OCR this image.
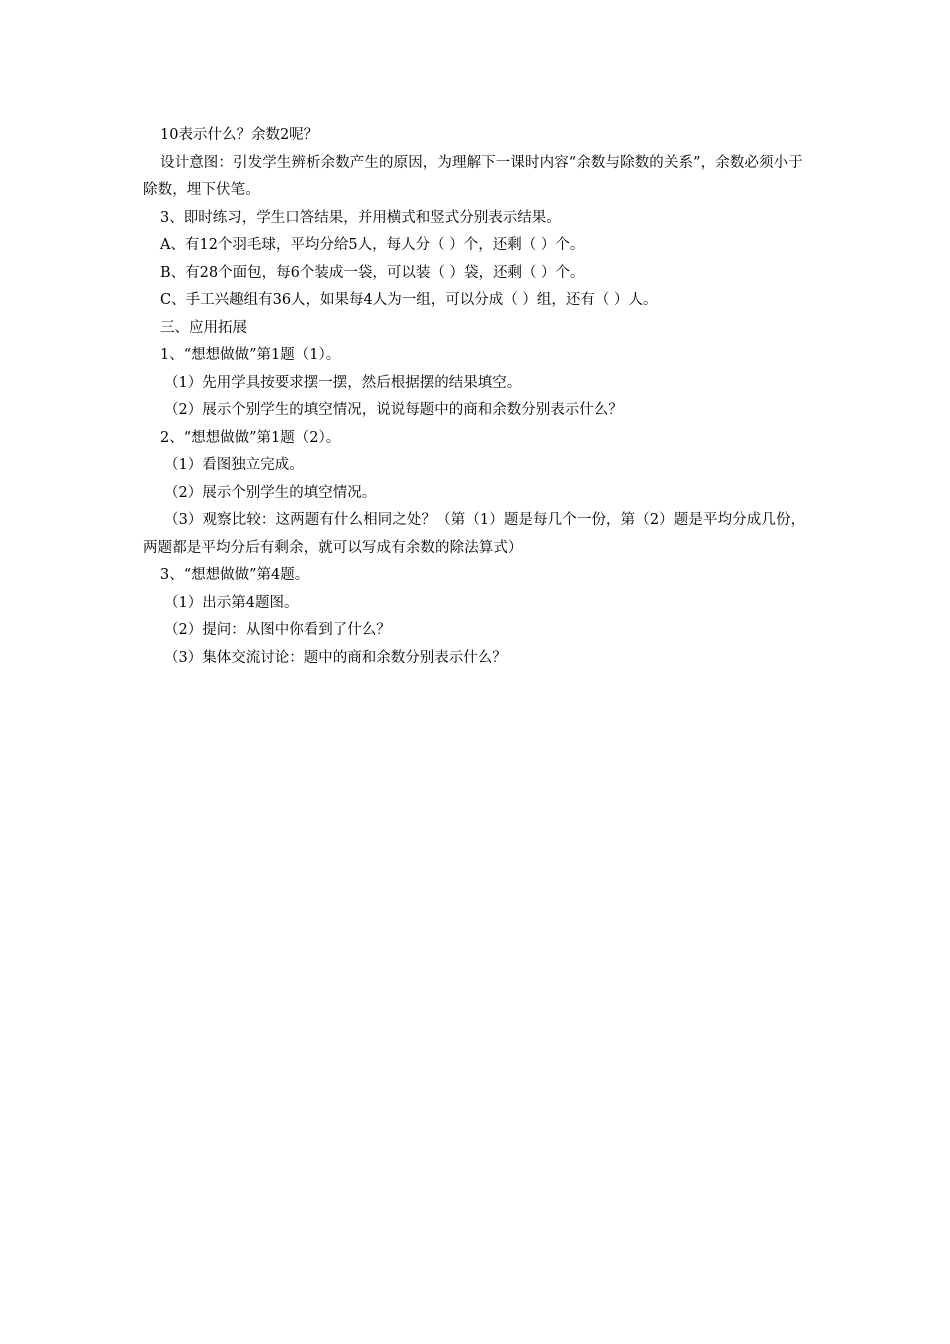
10表示什么？余数2呢？

设计意图：引发学生辨析余数产生的原因，为理解下一课时内容“余数与除数的关系”，余数必须小于除数，埋下伏笔。

3、即时练习，学生口答结果，并用横式和竖式分别表示结果。

A、有12个羽毛球，平均分给5人，每人分（ ）个，还剩（ ）个。

B、有28个面包，每6个装成一袋，可以装（ ）袋，还剩（ ）个。

C、手工兴趣组有36人，如果每4人为一组，可以分成（ ）组，还有（ ）人。

三、应用拓展

1、“想想做做”第1题（1）。

（1）先用学具按要求摆一摆，然后根据摆的结果填空。

（2）展示个别学生的填空情况，说说每题中的商和余数分别表示什么？

2、“想想做做”第1题（2）。

（1）看图独立完成。

（2）展示个别学生的填空情况。

（3）观察比较：这两题有什么相同之处？（第（1）题是每几个一份，第（2）题是平均分成几份，两题都是平均分后有剩余，就可以写成有余数的除法算式）

3、“想想做做”第4题。

（1）出示第4题图。

（2）提问：从图中你看到了什么？

（3）集体交流讨论：题中的商和余数分别表示什么？
